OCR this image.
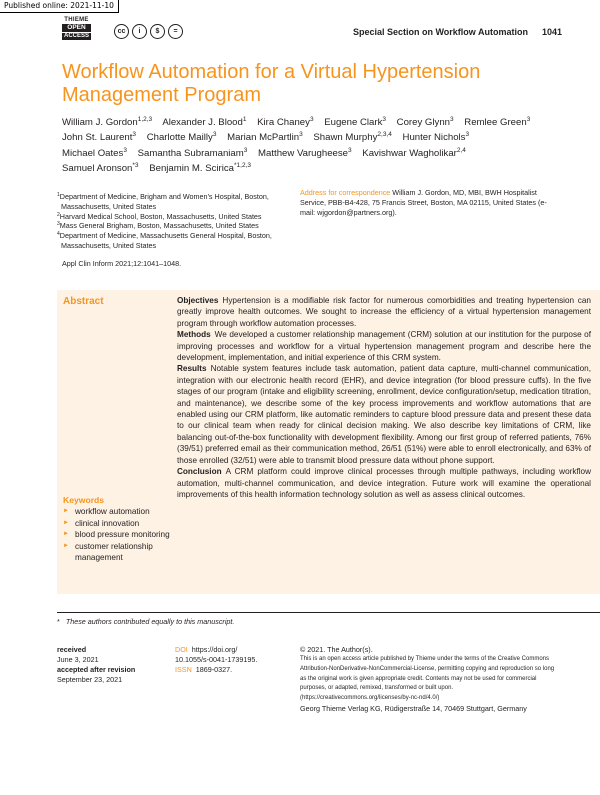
Published online: 2021-11-10
THIEME
OPEN
ACCESS
cc	i	$	=	Special Section on Workflow Automation 1041
Workflow Automation for a Virtual Hypertension Management Program
William J. Gordon$^{1,2,3}$ Alexander J. Blood$^1$ Kira Chaney$^3$ Eugene Clark$^3$ Corey Glynn$^3$ Remlee Green$^3$ John St. Laurent$^3$ Charlotte Mailly$^3$ Marian McPartlin$^3$ Shawn Murphy$^{2,3,4}$ Hunter Nichols$^3$ Michael Oates$^3$ Samantha Subramaniam$^3$ Matthew Varugheese$^3$ Kavishwar Wagholikar$^{2,4}$ Samuel Aronson$^{*3}$ Benjamin M. Scirica$^{*1,2,3}$

$^1$Department of Medicine, Brigham and Women’s Hospital, Boston, Massachusetts, United States

$^2$Harvard Medical School, Boston, Massachusetts, United States

$^3$Mass General Brigham, Boston, Massachusetts, United States

$^4$Department of Medicine, Massachusetts General Hospital, Boston, Massachusetts, United States

Address for correspondence William J. Gordon, MD, MBI, BWH Hospitalist Service, PBB-B4-428, 75 Francis Street, Boston, MA 02115, United States (e-mail: wjgordon@partners.org).
Appl Clin Inform 2021;12:1041–1048.
Abstract	Objectives Hypertension is a modifiable risk factor for numerous comorbidities and treating hypertension can greatly improve health outcomes. We sought to increase the efficiency of a virtual hypertension management program through workflow automation processes.

Methods We developed a customer relationship management (CRM) solution at our institution for the purpose of improving processes and workflow for a virtual hypertension management program and describe here the development, implementation, and initial experience of this CRM system.

Results Notable system features include task automation, patient data capture, multi-channel communication, integration with our electronic health record (EHR), and device integration (for blood pressure cuffs). In the five stages of our program (intake and eligibility screening, enrollment, device configuration/setup, medication titration, and maintenance), we describe some of the key process improvements and workflow automations that are enabled using our CRM platform, like automatic reminders to capture blood pressure data and present these data to our clinical team when ready for clinical decision making. We also describe key limitations of CRM, like balancing out-of-the-box functionality with development flexibility. Among our first group of referred patients, 76% (39/51) preferred email as their communication method, 26/51 (51%) were able to enroll electronically, and 63% of those enrolled (32/51) were able to transmit blood pressure data without phone support.

Conclusion A CRM platform could improve clinical processes through multiple pathways, including workflow automation, multi-channel communication, and device integration. Future work will examine the operational improvements of this health information technology solution as well as assess clinical outcomes.

Keywords
► workflow automation
► clinical innovation
► blood pressure monitoring
► customer relationship management
* These authors contributed equally to this manuscript.
received
June 3, 2021
accepted after revision
September 23, 2021
DOI https://doi.org/
10.1055/s-0041-1739195.
ISSN 1869-0327.
© 2021. The Author(s).
This is an open access article published by Thieme under the terms of the Creative Commons Attribution-NonDerivative-NonCommercial-License, permitting copying and reproduction so long as the original work is given appropriate credit. Contents may not be used for commercial purposes, or adapted, remixed, transformed or built upon. (https://creativecommons.org/licenses/by-nc-nd/4.0/)
Georg Thieme Verlag KG, Rüdigerstraße 14, 70469 Stuttgart, Germany
